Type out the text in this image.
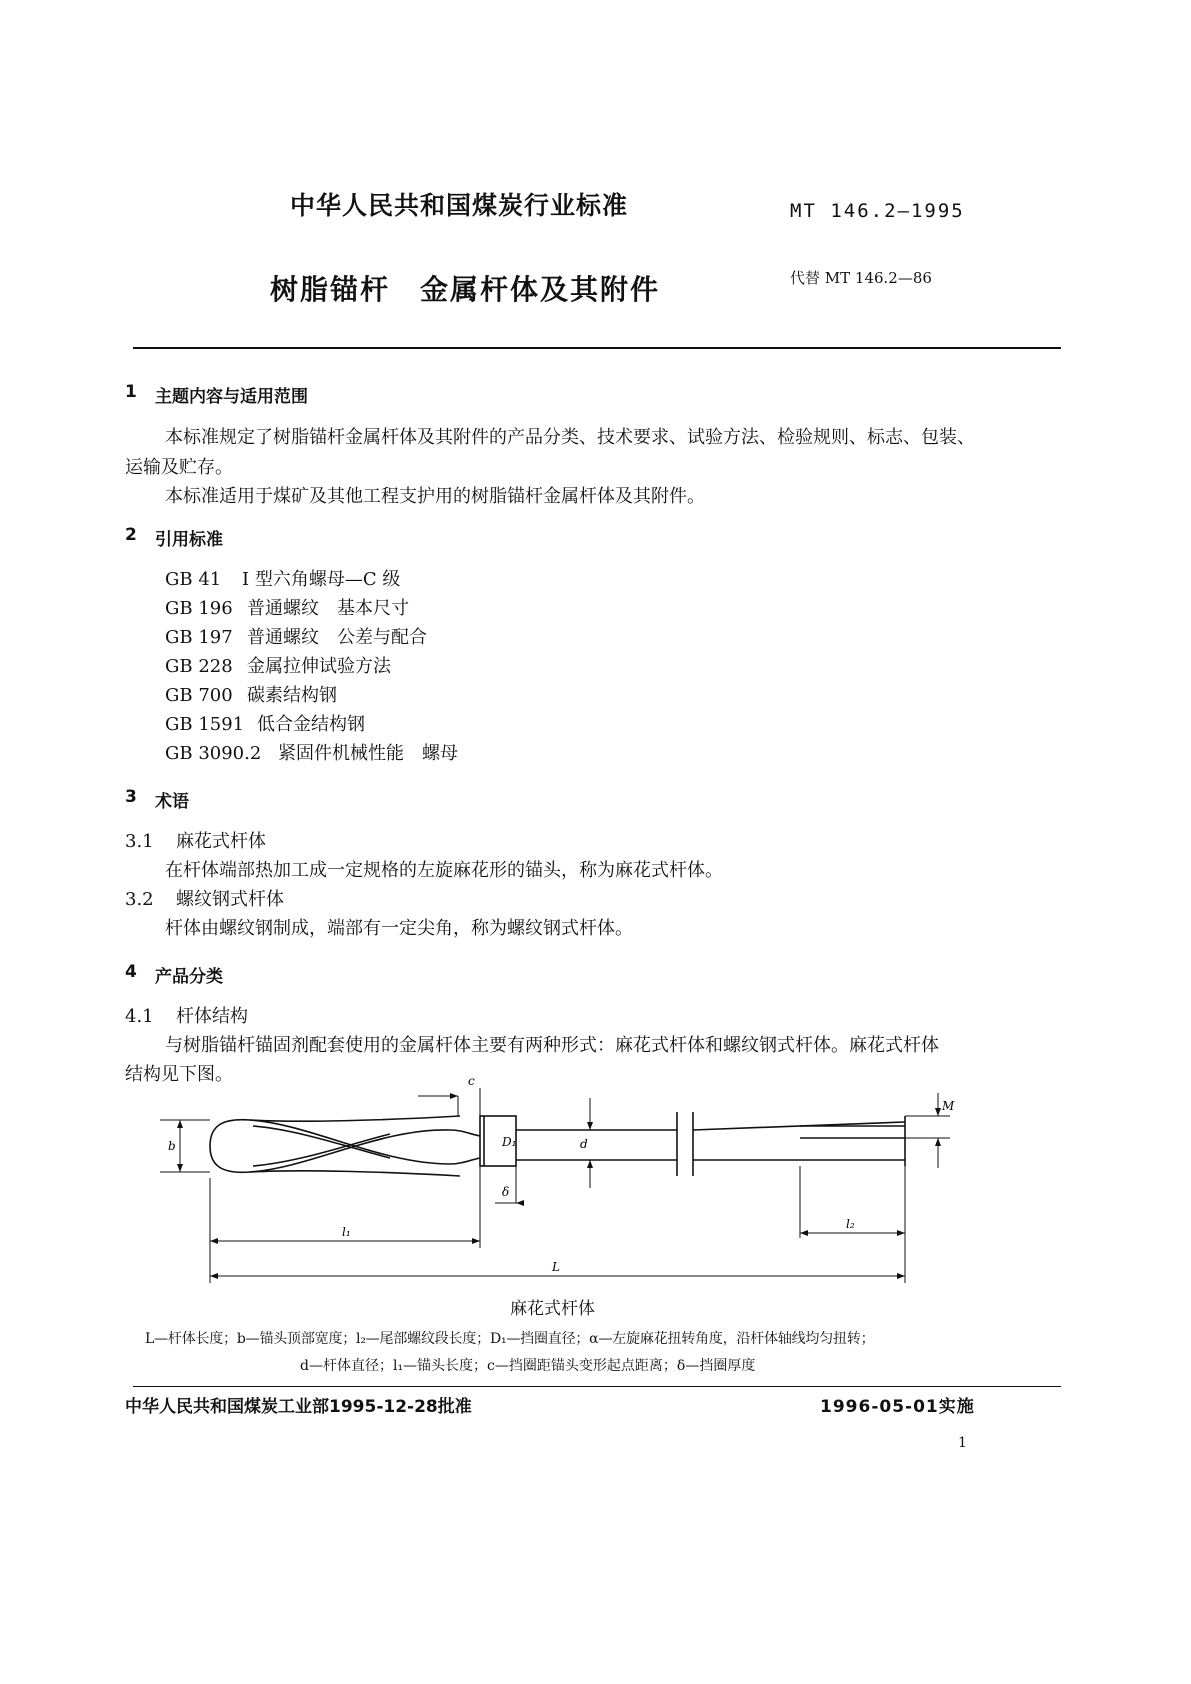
中华人民共和国煤炭行业标准	MT 146.2—1995
树脂锚杆　金属杆体及其附件	代替 MT 146.2—86
1 主题内容与适用范围
本标准规定了树脂锚杆金属杆体及其附件的产品分类、技术要求、试验方法、检验规则、标志、包装、
运输及贮存。
本标准适用于煤矿及其他工程支护用的树脂锚杆金属杆体及其附件。
2 引用标准
GB 41 I 型六角螺母—C 级
GB 196 普通螺纹　基本尺寸
GB 197 普通螺纹　公差与配合
GB 228 金属拉伸试验方法
GB 700 碳素结构钢
GB 1591 低合金结构钢
GB 3090.2 紧固件机械性能　螺母
3 术语
3.1 麻花式杆体
在杆体端部热加工成一定规格的左旋麻花形的锚头，称为麻花式杆体。
3.2 螺纹钢式杆体
杆体由螺纹钢制成，端部有一定尖角，称为螺纹钢式杆体。
4 产品分类
4.1 杆体结构
与树脂锚杆锚固剂配套使用的金属杆体主要有两种形式：麻花式杆体和螺纹钢式杆体。麻花式杆体
结构见下图。	c
M
b	D₁	d
δ
l₁
l₂
L
麻花式杆体
L—杆体长度；b—锚头顶部宽度；l₂—尾部螺纹段长度；D₁—挡圈直径；α—左旋麻花扭转角度，沿杆体轴线均匀扭转；
d—杆体直径；l₁—锚头长度；c—挡圈距锚头变形起点距离；δ—挡圈厚度
中华人民共和国煤炭工业部1995-12-28批准	1996-05-01实施
1
